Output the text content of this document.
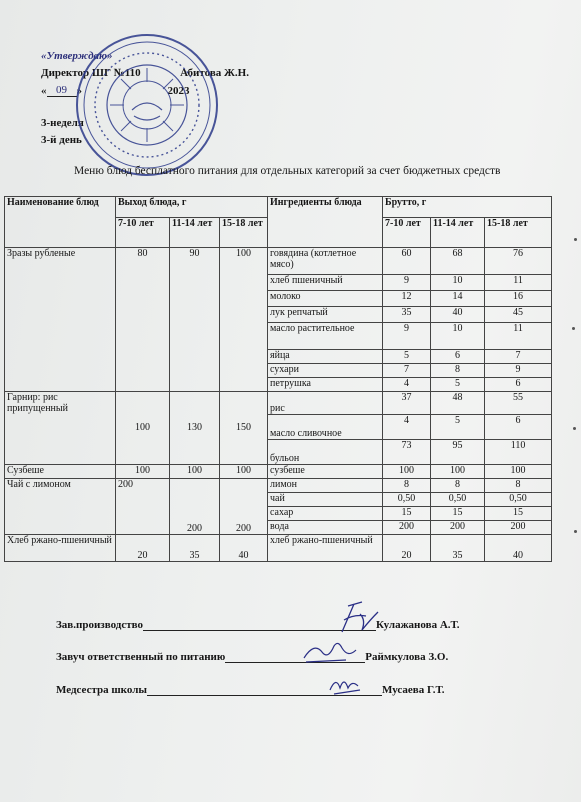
«Утверждаю»
Директор ШГ №110	Абитова Ж.Н.
« 09 »	2023
3-неделя
3-й день
Меню блюд бесплатного питания для отдельных категорий за счет бюджетных средств
Наименование блюд	Выход блюда, г			Ингредиенты блюда	Брутто, г		
	7-10 лет	11-14 лет	15-18 лет		7-10 лет	11-14 лет	15-18 лет
Зразы рубленые	80	90	100	говядина (котлетное мясо)	60	68	76
				хлеб пшеничный	9	10	11
				молоко	12	14	16
				лук репчатый	35	40	45
				масло растительное	9	10	11
				яйца	5	6	7
				сухари	7	8	9
				петрушка	4	5	6
Гарнир: рис припущенный	100	130	150	рис	37	48	55
				масло сливочное	4	5	6
				бульон	73	95	110
Сузбеше	100	100	100	сузбеше	100	100	100
Чай с лимоном	200	200	200	лимон	8	8	8
				чай	0,50	0,50	0,50
				сахар	15	15	15
				вода	200	200	200
Хлеб ржано-пшеничный	20	35	40	хлеб ржано-пшеничный	20	35	40
Зав.производство	Кулажанова А.Т.
Завуч ответственный по питанию	Раймкулова З.О.
Медсестра школы	Мусаева Г.Т.
